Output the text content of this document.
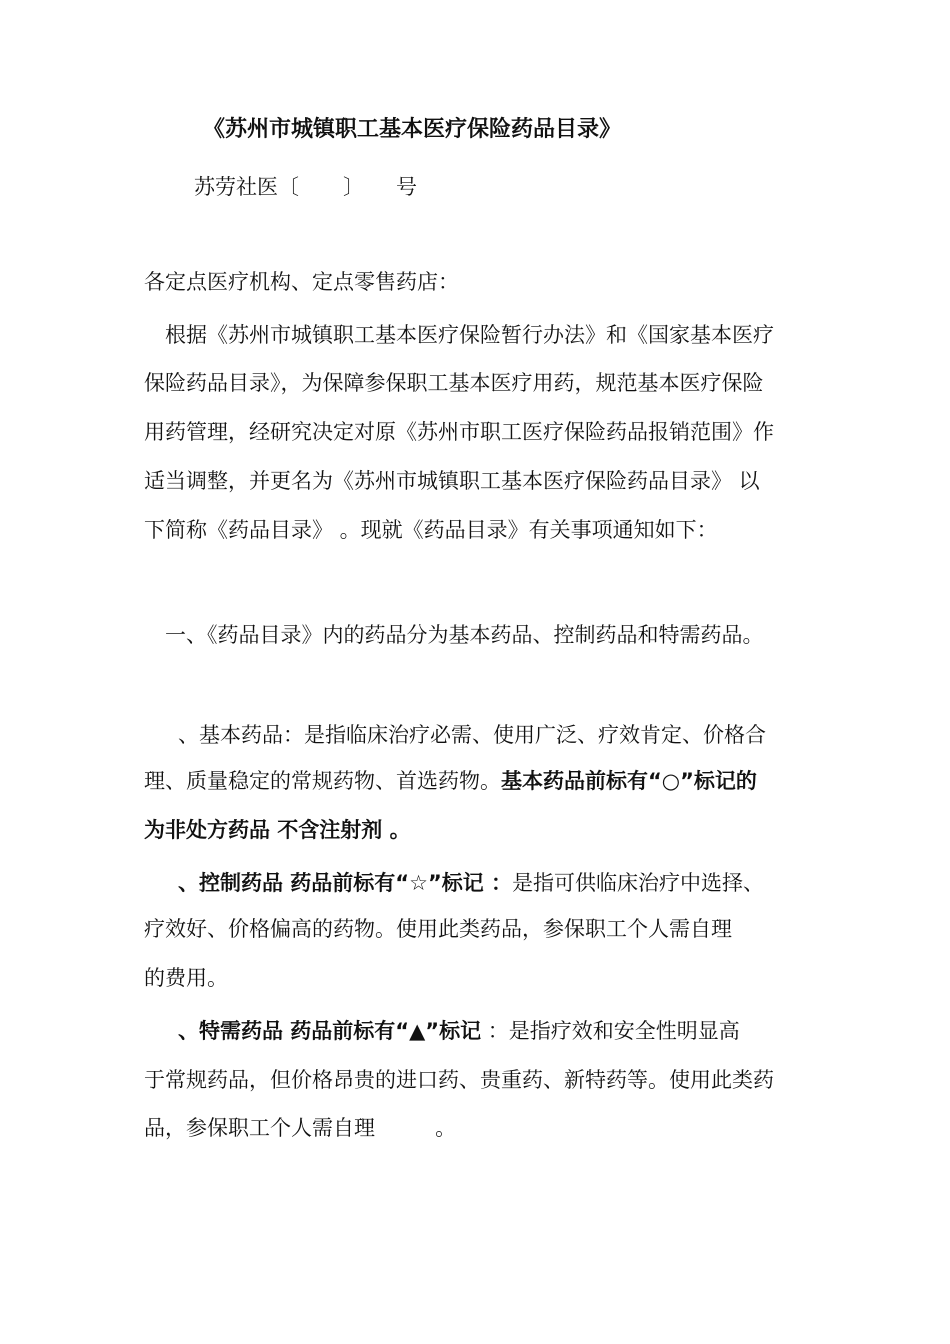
《苏州市城镇职工基本医疗保险药品目录》
苏劳社医〔 〕 号
各定点医疗机构、定点零售药店：
根据《苏州市城镇职工基本医疗保险暂行办法》和《国家基本医疗
保险药品目录》，为保障参保职工基本医疗用药，规范基本医疗保险
用药管理，经研究决定对原《苏州市职工医疗保险药品报销范围》作
适当调整，并更名为《苏州市城镇职工基本医疗保险药品目录》 以
下简称《药品目录》 。现就《药品目录》有关事项通知如下：
一、《药品目录》内的药品分为基本药品、控制药品和特需药品。
、基本药品：是指临床治疗必需、使用广泛、疗效肯定、价格合
理、质量稳定的常规药物、首选药物。基本药品前标有“○”标记的
为非处方药品 不含注射剂 。
、控制药品 药品前标有“☆”标记 ：是指可供临床治疗中选择、
疗效好、价格偏高的药物。使用此类药品，参保职工个人需自理
的费用。
、特需药品 药品前标有“▲”标记 ：是指疗效和安全性明显高
于常规药品，但价格昂贵的进口药、贵重药、新特药等。使用此类药
品，参保职工个人需自理         。
